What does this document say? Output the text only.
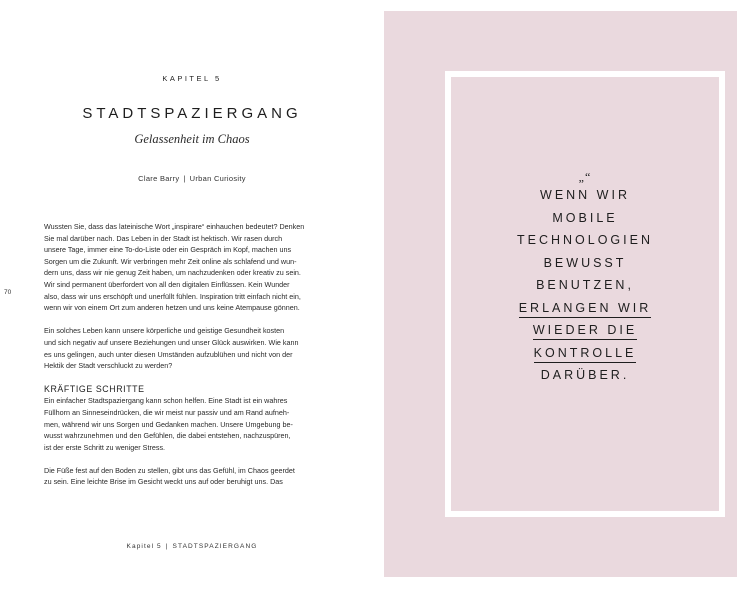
KAPITEL 5
STADTSPAZIERGANG
Gelassenheit im Chaos
Clare Barry | Urban Curiosity
70

Wussten Sie, dass das lateinische Wort „inspirare“ einhauchen bedeutet? Denken
Sie mal darüber nach. Das Leben in der Stadt ist hektisch. Wir rasen durch
unsere Tage, immer eine To-do-Liste oder ein Gespräch im Kopf, machen uns
Sorgen um die Zukunft. Wir verbringen mehr Zeit online als schlafend und wun-
dern uns, dass wir nie genug Zeit haben, um nachzudenken oder kreativ zu sein.
Wir sind permanent überfordert von all den digitalen Einflüssen. Kein Wunder
also, dass wir uns erschöpft und unerfüllt fühlen. Inspiration tritt einfach nicht ein,
wenn wir von einem Ort zum anderen hetzen und uns keine Atempause gönnen.

Ein solches Leben kann unsere körperliche und geistige Gesundheit kosten
und sich negativ auf unsere Beziehungen und unser Glück auswirken. Wie kann
es uns gelingen, auch unter diesen Umständen aufzublühen und nicht von der
Hektik der Stadt verschluckt zu werden?

KRÄFTIGE SCHRITTE

Ein einfacher Stadtspaziergang kann schon helfen. Eine Stadt ist ein wahres
Füllhorn an Sinneseindrücken, die wir meist nur passiv und am Rand aufneh-
men, während wir uns Sorgen und Gedanken machen. Unsere Umgebung be-
wusst wahrzunehmen und den Gefühlen, die dabei entstehen, nachzuspüren,
ist der erste Schritt zu weniger Stress.

Die Füße fest auf den Boden zu stellen, gibt uns das Gefühl, im Chaos geerdet
zu sein. Eine leichte Brise im Gesicht weckt uns auf oder beruhigt uns. Das

Kapitel 5 | STADTSPAZIERGANG
„“
WENN WIR
MOBILE
TECHNOLOGIEN
BEWUSST
BENUTZEN,
ERLANGEN WIR
WIEDER DIE
KONTROLLE
DARÜBER.
